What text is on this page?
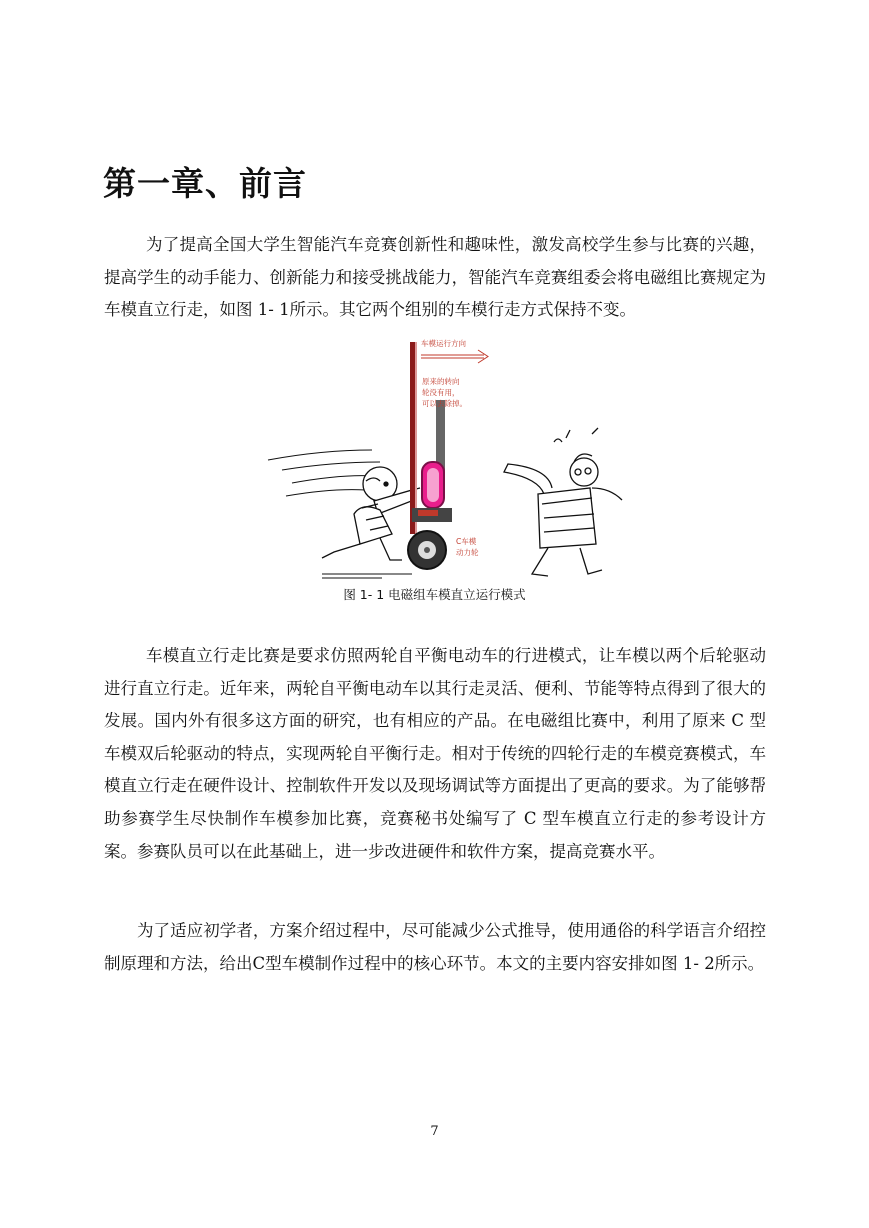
第一章、前言

为了提高全国大学生智能汽车竞赛创新性和趣味性，激发高校学生参与比赛的兴趣，提高学生的动手能力、创新能力和接受挑战能力，智能汽车竞赛组委会将电磁组比赛规定为车模直立行走，如图 1- 1所示。其它两个组别的车模行走方式保持不变。

车模运行方向
原来的转向
轮没有用，
可以去除掉。
C车模
动力轮
图 1- 1 电磁组车模直立运行模式

车模直立行走比赛是要求仿照两轮自平衡电动车的行进模式，让车模以两个后轮驱动进行直立行走。近年来，两轮自平衡电动车以其行走灵活、便利、节能等特点得到了很大的发展。国内外有很多这方面的研究，也有相应的产品。在电磁组比赛中，利用了原来 C 型车模双后轮驱动的特点，实现两轮自平衡行走。相对于传统的四轮行走的车模竞赛模式，车模直立行走在硬件设计、控制软件开发以及现场调试等方面提出了更高的要求。为了能够帮助参赛学生尽快制作车模参加比赛，竞赛秘书处编写了 C 型车模直立行走的参考设计方案。参赛队员可以在此基础上，进一步改进硬件和软件方案，提高竞赛水平。

为了适应初学者，方案介绍过程中，尽可能减少公式推导，使用通俗的科学语言介绍控制原理和方法，给出C型车模制作过程中的核心环节。本文的主要内容安排如图 1- 2所示。

7
